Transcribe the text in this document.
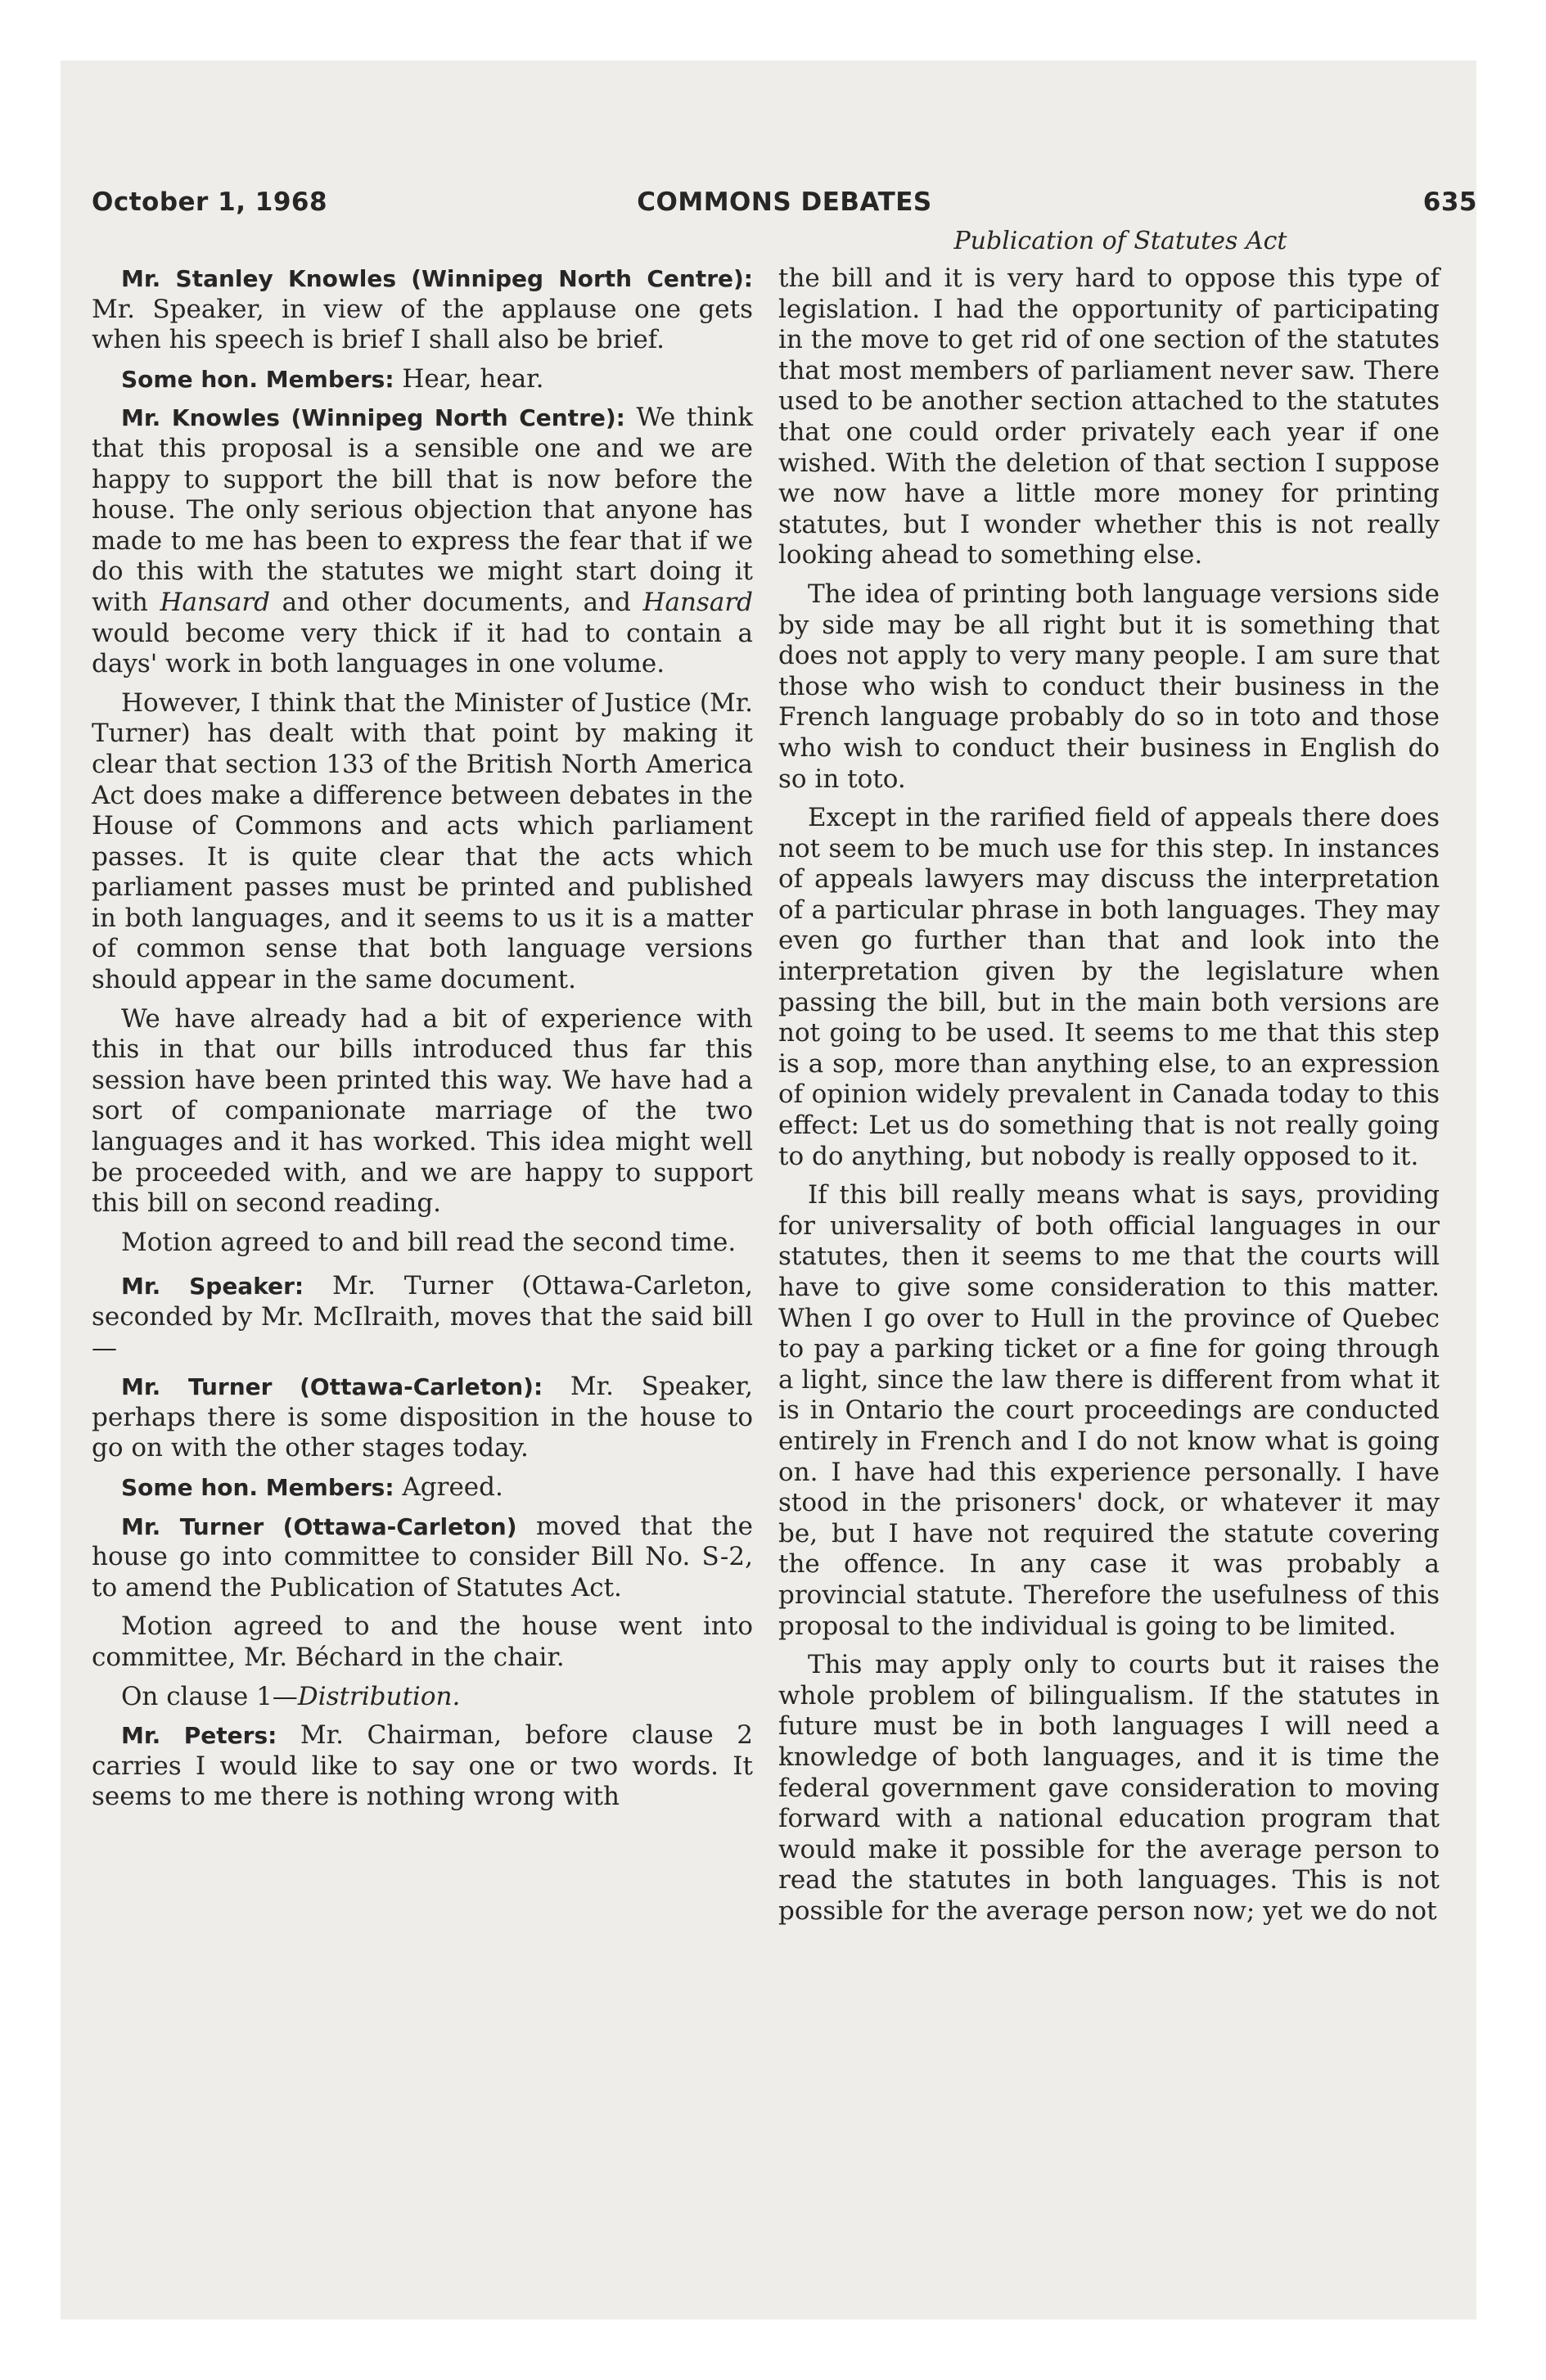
October 1, 1968	COMMONS DEBATES	635
Publication of Statutes Act

Mr. Stanley Knowles (Winnipeg North Centre): Mr. Speaker, in view of the applause one gets when his speech is brief I shall also be brief.

Some hon. Members: Hear, hear.

Mr. Knowles (Winnipeg North Centre): We think that this proposal is a sensible one and we are happy to support the bill that is now before the house. The only serious objection that anyone has made to me has been to express the fear that if we do this with the statutes we might start doing it with Hansard and other documents, and Hansard would become very thick if it had to contain a days' work in both languages in one volume.

However, I think that the Minister of Justice (Mr. Turner) has dealt with that point by making it clear that section 133 of the British North America Act does make a difference between debates in the House of Commons and acts which parliament passes. It is quite clear that the acts which parliament passes must be printed and published in both languages, and it seems to us it is a matter of common sense that both language versions should appear in the same document.

We have already had a bit of experience with this in that our bills introduced thus far this session have been printed this way. We have had a sort of companionate marriage of the two languages and it has worked. This idea might well be proceeded with, and we are happy to support this bill on second reading.

Motion agreed to and bill read the second time.

Mr. Speaker: Mr. Turner (Ottawa-Carleton, seconded by Mr. McIlraith, moves that the said bill—

Mr. Turner (Ottawa-Carleton): Mr. Speaker, perhaps there is some disposition in the house to go on with the other stages today.

Some hon. Members: Agreed.

Mr. Turner (Ottawa-Carleton) moved that the house go into committee to consider Bill No. S-2, to amend the Publication of Statutes Act.

Motion agreed to and the house went into committee, Mr. Béchard in the chair.

On clause 1—Distribution.

Mr. Peters: Mr. Chairman, before clause 2 carries I would like to say one or two words. It seems to me there is nothing wrong with

the bill and it is very hard to oppose this type of legislation. I had the opportunity of participating in the move to get rid of one section of the statutes that most members of parliament never saw. There used to be another section attached to the statutes that one could order privately each year if one wished. With the deletion of that section I suppose we now have a little more money for printing statutes, but I wonder whether this is not really looking ahead to something else.

The idea of printing both language versions side by side may be all right but it is something that does not apply to very many people. I am sure that those who wish to conduct their business in the French language probably do so in toto and those who wish to conduct their business in English do so in toto.

Except in the rarified field of appeals there does not seem to be much use for this step. In instances of appeals lawyers may discuss the interpretation of a particular phrase in both languages. They may even go further than that and look into the interpretation given by the legislature when passing the bill, but in the main both versions are not going to be used. It seems to me that this step is a sop, more than anything else, to an expression of opinion widely prevalent in Canada today to this effect: Let us do something that is not really going to do anything, but nobody is really opposed to it.

If this bill really means what is says, providing for universality of both official languages in our statutes, then it seems to me that the courts will have to give some consideration to this matter. When I go over to Hull in the province of Quebec to pay a parking ticket or a fine for going through a light, since the law there is different from what it is in Ontario the court proceedings are conducted entirely in French and I do not know what is going on. I have had this experience personally. I have stood in the prisoners' dock, or whatever it may be, but I have not required the statute covering the offence. In any case it was probably a provincial statute. Therefore the usefulness of this proposal to the individual is going to be limited.

This may apply only to courts but it raises the whole problem of bilingualism. If the statutes in future must be in both languages I will need a knowledge of both languages, and it is time the federal government gave consideration to moving forward with a national education program that would make it possible for the average person to read the statutes in both languages. This is not possible for the average person now; yet we do not
